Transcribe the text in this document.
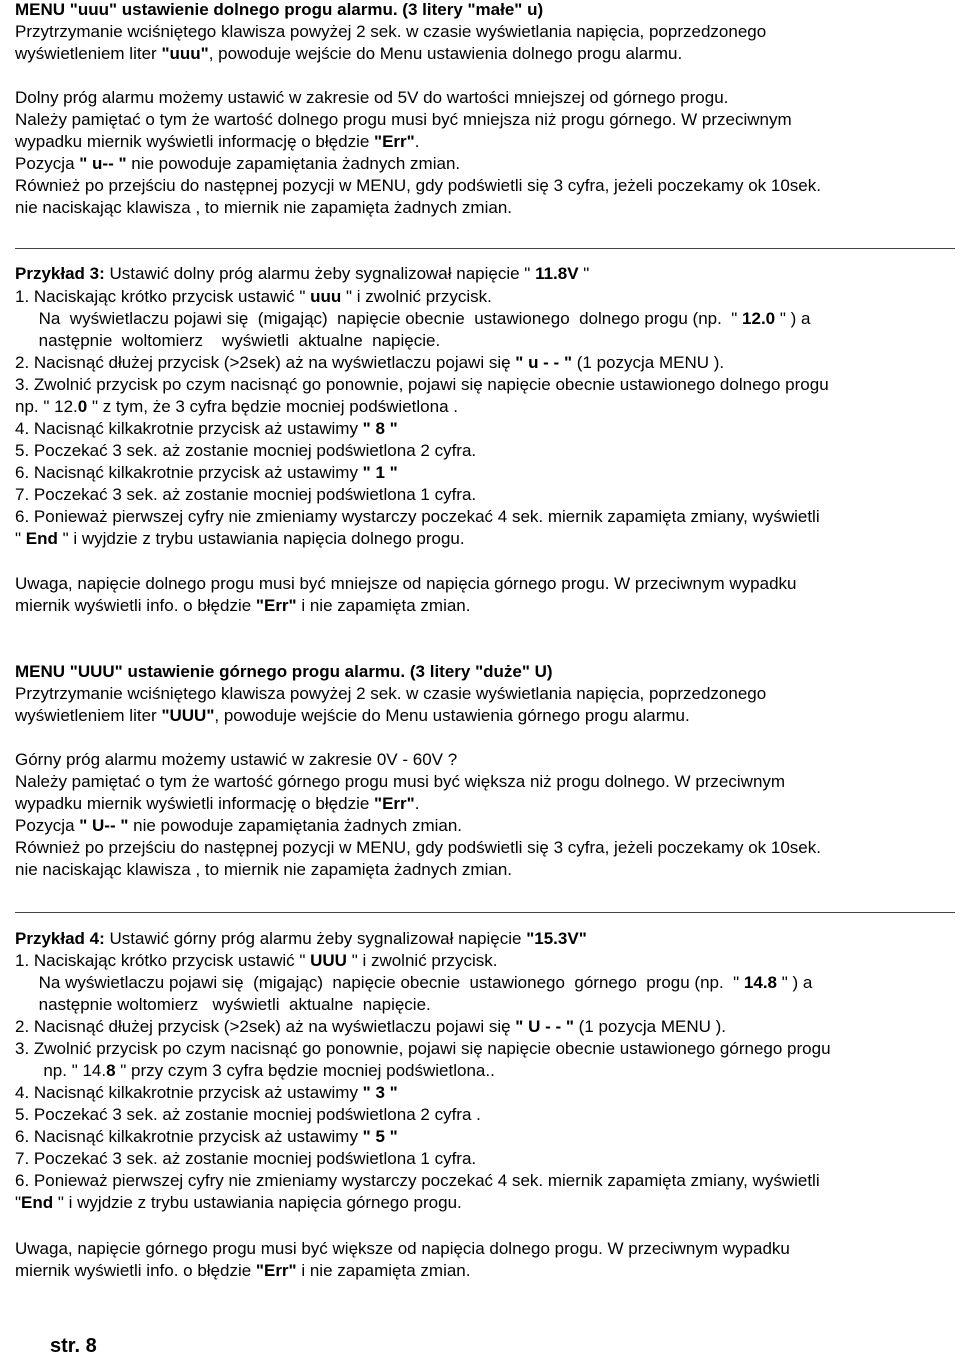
MENU "uuu" ustawienie dolnego progu alarmu. (3 litery "małe" u)
Przytrzymanie wciśniętego klawisza powyżej 2 sek. w czasie wyświetlania napięcia, poprzedzonego
wyświetleniem liter "uuu", powoduje wejście do Menu ustawienia dolnego progu alarmu.
Dolny próg alarmu możemy ustawić w zakresie od 5V do wartości mniejszej od górnego progu.
Należy pamiętać o tym że wartość dolnego progu musi być mniejsza niż progu górnego. W przeciwnym
wypadku miernik wyświetli informację o błędzie "Err".
Pozycja " u-- " nie powoduje zapamiętania żadnych zmian.
Również po przejściu do następnej pozycji w MENU, gdy podświetli się 3 cyfra, jeżeli poczekamy ok 10sek.
nie naciskając klawisza , to miernik nie zapamięta żadnych zmian.
Przykład 3: Ustawić dolny próg alarmu żeby sygnalizował napięcie " 11.8V "
1. Naciskając krótko przycisk ustawić " uuu " i zwolnić przycisk.
Na  wyświetlaczu pojawi się  (migając)  napięcie obecnie  ustawionego  dolnego progu (np.  " 12.0 " ) a
następnie  woltomierz    wyświetli  aktualne  napięcie.
2. Nacisnąć dłużej przycisk (>2sek) aż na wyświetlaczu pojawi się " u - - " (1 pozycja MENU ).
3. Zwolnić przycisk po czym nacisnąć go ponownie, pojawi się napięcie obecnie ustawionego dolnego progu
np. " 12.0 " z tym, że 3 cyfra będzie mocniej podświetlona .
4. Nacisnąć kilkakrotnie przycisk aż ustawimy " 8 "
5. Poczekać 3 sek. aż zostanie mocniej podświetlona 2 cyfra.
6. Nacisnąć kilkakrotnie przycisk aż ustawimy " 1 "
7. Poczekać 3 sek. aż zostanie mocniej podświetlona 1 cyfra.
6. Ponieważ pierwszej cyfry nie zmieniamy wystarczy poczekać 4 sek. miernik zapamięta zmiany, wyświetli
" End " i wyjdzie z trybu ustawiania napięcia dolnego progu.
Uwaga, napięcie dolnego progu musi być mniejsze od napięcia górnego progu. W przeciwnym wypadku
miernik wyświetli info. o błędzie "Err" i nie zapamięta zmian.
MENU "UUU" ustawienie górnego progu alarmu. (3 litery "duże" U)
Przytrzymanie wciśniętego klawisza powyżej 2 sek. w czasie wyświetlania napięcia, poprzedzonego
wyświetleniem liter "UUU", powoduje wejście do Menu ustawienia górnego progu alarmu.
Górny próg alarmu możemy ustawić w zakresie 0V - 60V ?
Należy pamiętać o tym że wartość górnego progu musi być większa niż progu dolnego. W przeciwnym
wypadku miernik wyświetli informację o błędzie "Err".
Pozycja " U-- " nie powoduje zapamiętania żadnych zmian.
Również po przejściu do następnej pozycji w MENU, gdy podświetli się 3 cyfra, jeżeli poczekamy ok 10sek.
nie naciskając klawisza , to miernik nie zapamięta żadnych zmian.
Przykład 4: Ustawić górny próg alarmu żeby sygnalizował napięcie "15.3V"
1. Naciskając krótko przycisk ustawić " UUU " i zwolnić przycisk.
Na wyświetlaczu pojawi się  (migając)  napięcie obecnie  ustawionego  górnego  progu (np.  " 14.8 " ) a
następnie woltomierz   wyświetli  aktualne  napięcie.
2. Nacisnąć dłużej przycisk (>2sek) aż na wyświetlaczu pojawi się " U - - " (1 pozycja MENU ).
3. Zwolnić przycisk po czym nacisnąć go ponownie, pojawi się napięcie obecnie ustawionego górnego progu
np. " 14.8 " przy czym 3 cyfra będzie mocniej podświetlona..
4. Nacisnąć kilkakrotnie przycisk aż ustawimy " 3 "
5. Poczekać 3 sek. aż zostanie mocniej podświetlona 2 cyfra .
6. Nacisnąć kilkakrotnie przycisk aż ustawimy " 5 "
7. Poczekać 3 sek. aż zostanie mocniej podświetlona 1 cyfra.
6. Ponieważ pierwszej cyfry nie zmieniamy wystarczy poczekać 4 sek. miernik zapamięta zmiany, wyświetli
"End " i wyjdzie z trybu ustawiania napięcia górnego progu.
Uwaga, napięcie górnego progu musi być większe od napięcia dolnego progu. W przeciwnym wypadku
miernik wyświetli info. o błędzie "Err" i nie zapamięta zmian.
str. 8
